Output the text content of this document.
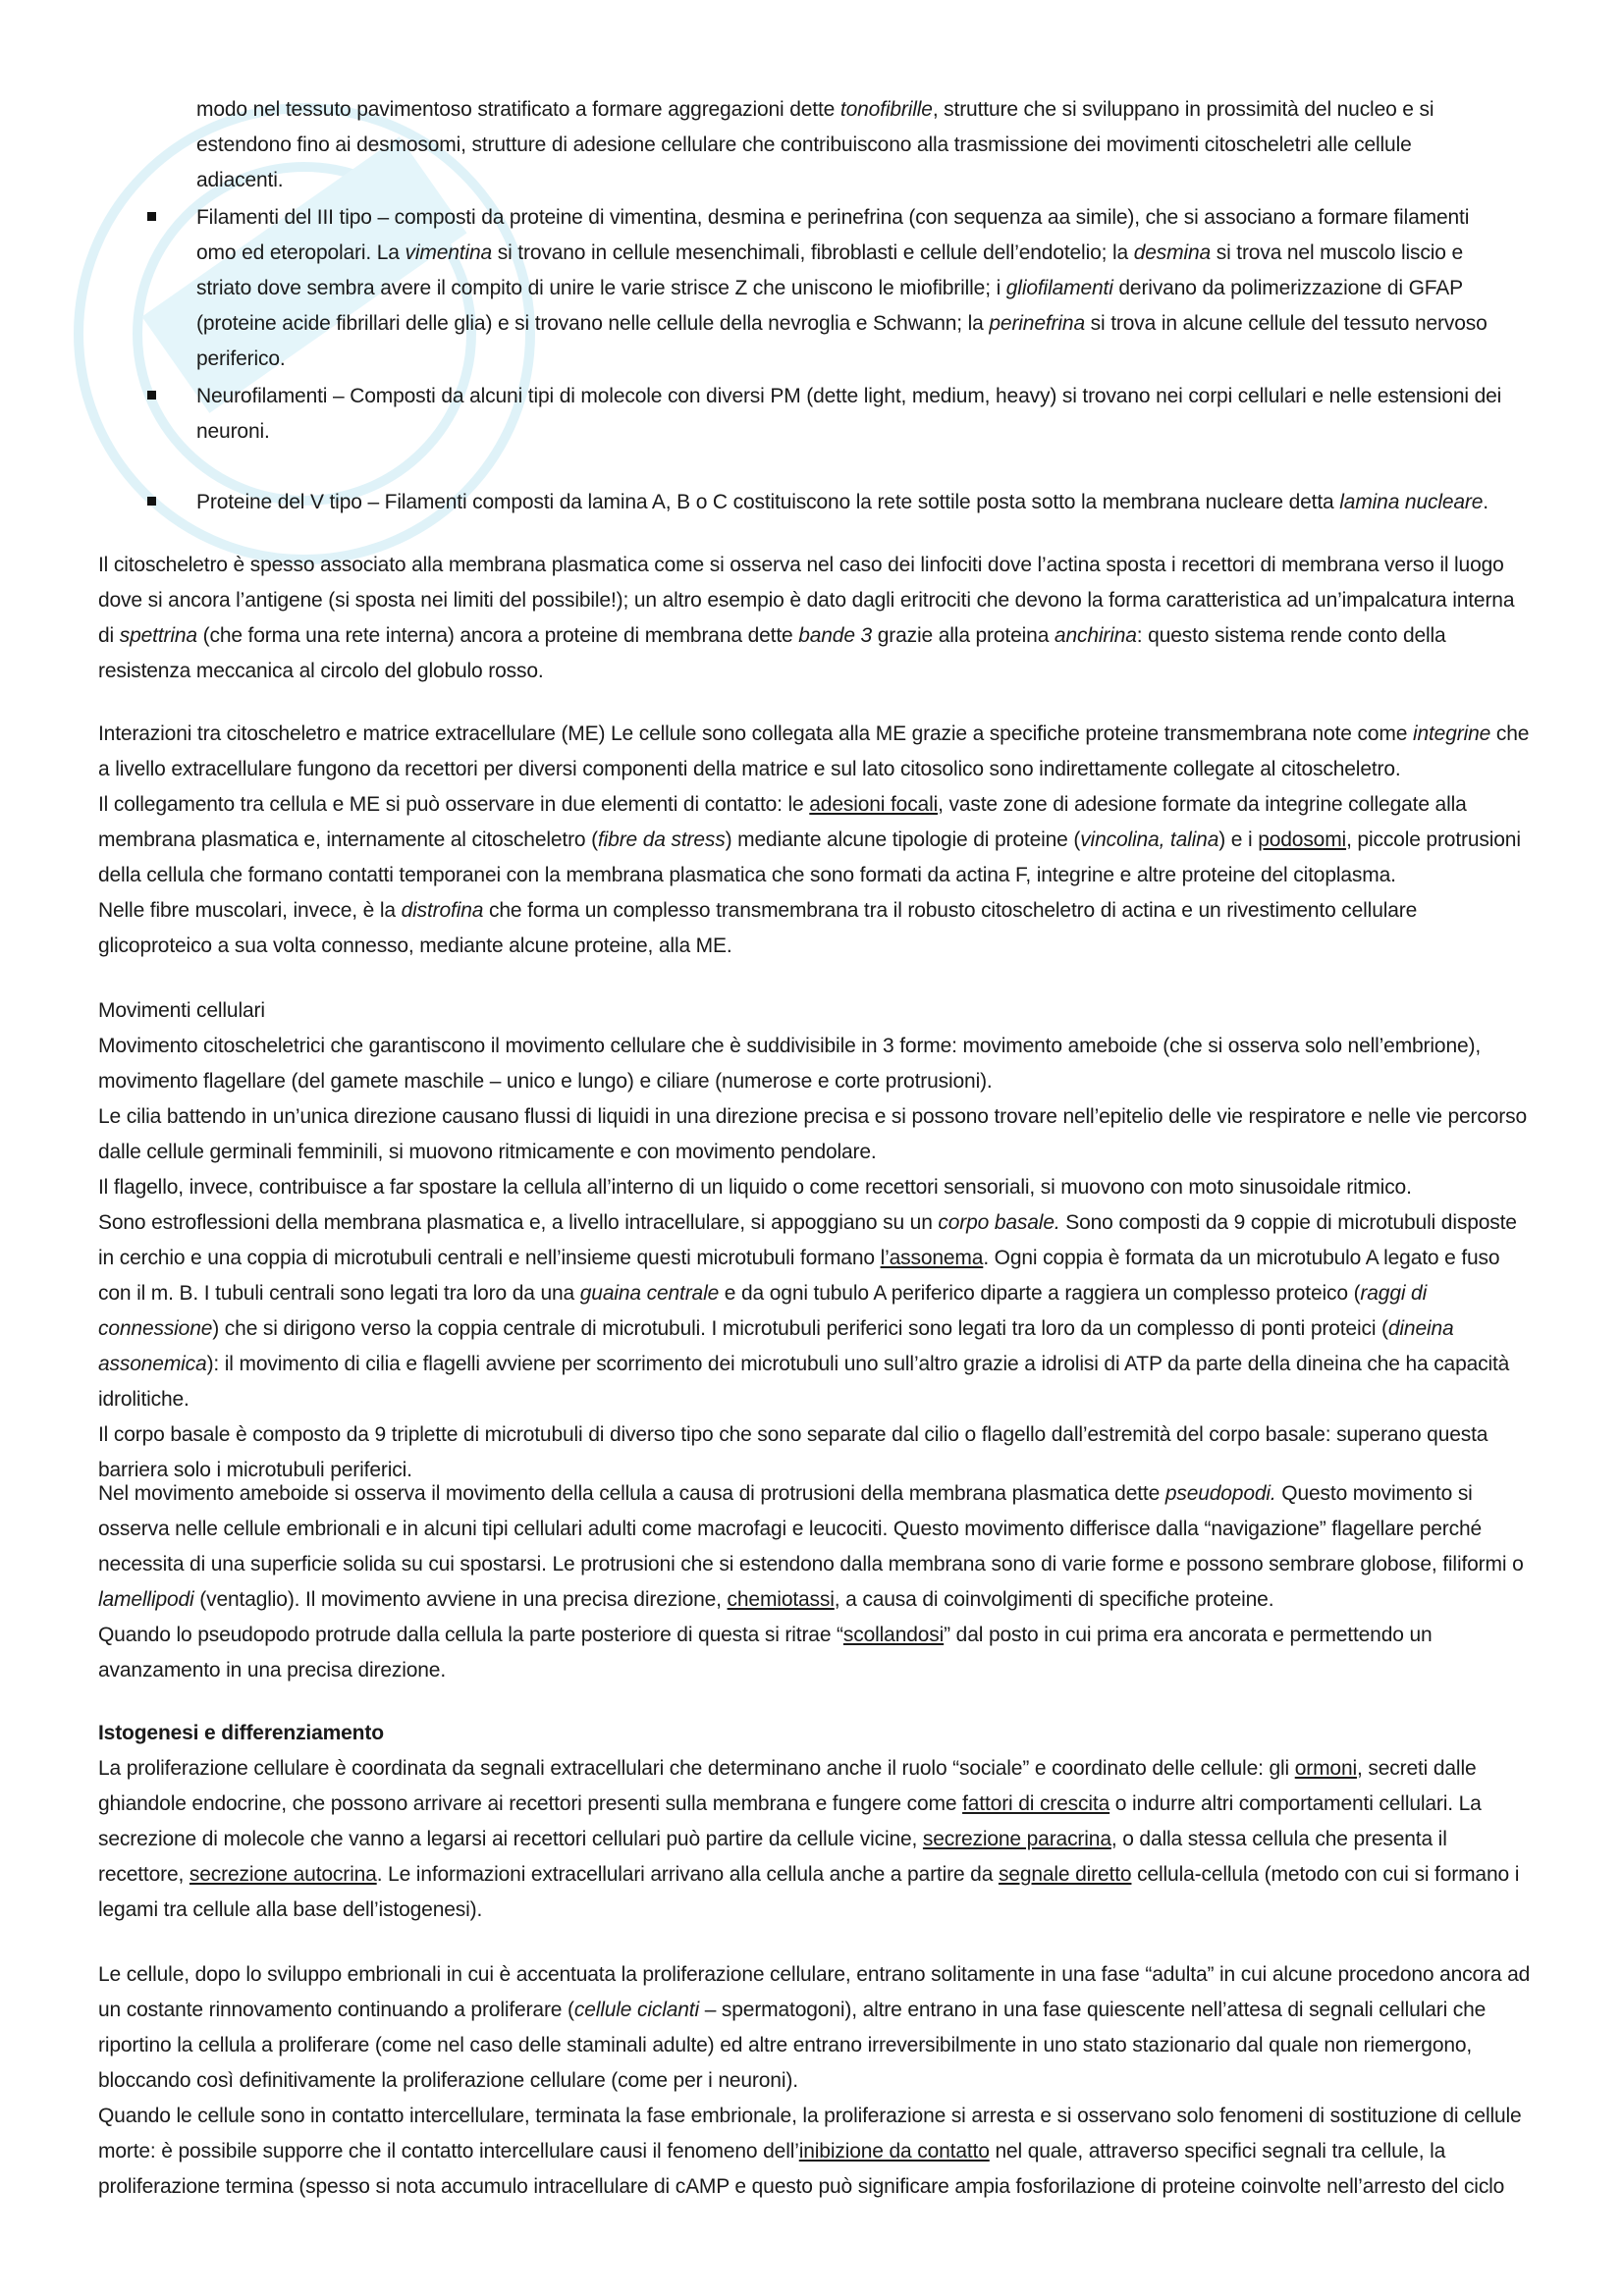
modo nel tessuto pavimentoso stratificato a formare aggregazioni dette tonofibrille, strutture che si sviluppano in prossimità del nucleo e si estendono fino ai desmosomi, strutture di adesione cellulare che contribuiscono alla trasmissione dei movimenti citoscheletri alle cellule adiacenti.

Filamenti del III tipo – composti da proteine di vimentina, desmina e perinefrina (con sequenza aa simile), che si associano a formare filamenti omo ed eteropolari. La vimentina si trovano in cellule mesenchimali, fibroblasti e cellule dell’endotelio; la desmina si trova nel muscolo liscio e striato dove sembra avere il compito di unire le varie strisce Z che uniscono le miofibrille; i gliofilamenti derivano da polimerizzazione di GFAP (proteine acide fibrillari delle glia) e si trovano nelle cellule della nevroglia e Schwann; la perinefrina si trova in alcune cellule del tessuto nervoso periferico.
Neurofilamenti – Composti da alcuni tipi di molecole con diversi PM (dette light, medium, heavy) si trovano nei corpi cellulari e nelle estensioni dei neuroni.
Proteine del V tipo – Filamenti composti da lamina A, B o C costituiscono la rete sottile posta sotto la membrana nucleare detta lamina nucleare.

Il citoscheletro è spesso associato alla membrana plasmatica come si osserva nel caso dei linfociti dove l’actina sposta i recettori di membrana verso il luogo dove si ancora l’antigene (si sposta nei limiti del possibile!); un altro esempio è dato dagli eritrociti che devono la forma caratteristica ad un’impalcatura interna di spettrina (che forma una rete interna) ancora a proteine di membrana dette bande 3 grazie alla proteina anchirina: questo sistema rende conto della resistenza meccanica al circolo del globulo rosso.

Interazioni tra citoscheletro e matrice extracellulare (ME) Le cellule sono collegata alla ME grazie a specifiche proteine transmembrana note come integrine che a livello extracellulare fungono da recettori per diversi componenti della matrice e sul lato citosolico sono indirettamente collegate al citoscheletro.

Il collegamento tra cellula e ME si può osservare in due elementi di contatto: le adesioni focali, vaste zone di adesione formate da integrine collegate alla membrana plasmatica e, internamente al citoscheletro (fibre da stress) mediante alcune tipologie di proteine (vincolina, talina) e i podosomi, piccole protrusioni della cellula che formano contatti temporanei con la membrana plasmatica che sono formati da actina F, integrine e altre proteine del citoplasma.

Nelle fibre muscolari, invece, è la distrofina che forma un complesso transmembrana tra il robusto citoscheletro di actina e un rivestimento cellulare glicoproteico a sua volta connesso, mediante alcune proteine, alla ME.

Movimenti cellulari

Movimento citoscheletrici che garantiscono il movimento cellulare che è suddivisibile in 3 forme: movimento ameboide (che si osserva solo nell’embrione), movimento flagellare (del gamete maschile – unico e lungo) e ciliare (numerose e corte protrusioni).

Le cilia battendo in un’unica direzione causano flussi di liquidi in una direzione precisa e si possono trovare nell’epitelio delle vie respiratore e nelle vie percorso dalle cellule germinali femminili, si muovono ritmicamente e con movimento pendolare.

Il flagello, invece, contribuisce a far spostare la cellula all’interno di un liquido o come recettori sensoriali, si muovono con moto sinusoidale ritmico.

Sono estroflessioni della membrana plasmatica e, a livello intracellulare, si appoggiano su un corpo basale. Sono composti da 9 coppie di microtubuli disposte in cerchio e una coppia di microtubuli centrali e nell’insieme questi microtubuli formano l’assonema. Ogni coppia è formata da un microtubulo A legato e fuso con il m. B. I tubuli centrali sono legati tra loro da una guaina centrale e da ogni tubulo A periferico diparte a raggiera un complesso proteico (raggi di connessione) che si dirigono verso la coppia centrale di microtubuli. I microtubuli periferici sono legati tra loro da un complesso di ponti proteici (dineina assonemica): il movimento di cilia e flagelli avviene per scorrimento dei microtubuli uno sull’altro grazie a idrolisi di ATP da parte della dineina che ha capacità idrolitiche.

Il corpo basale è composto da 9 triplette di microtubuli di diverso tipo che sono separate dal cilio o flagello dall’estremità del corpo basale: superano questa barriera solo i microtubuli periferici.

Nel movimento ameboide si osserva il movimento della cellula a causa di protrusioni della membrana plasmatica dette pseudopodi. Questo movimento si osserva nelle cellule embrionali e in alcuni tipi cellulari adulti come macrofagi e leucociti. Questo movimento differisce dalla “navigazione” flagellare perché necessita di una superficie solida su cui spostarsi. Le protrusioni che si estendono dalla membrana sono di varie forme e possono sembrare globose, filiformi o lamellipodi (ventaglio). Il movimento avviene in una precisa direzione, chemiotassi, a causa di coinvolgimenti di specifiche proteine.

Quando lo pseudopodo protrude dalla cellula la parte posteriore di questa si ritrae “scollandosi” dal posto in cui prima era ancorata e permettendo un avanzamento in una precisa direzione.

Istogenesi e differenziamento

La proliferazione cellulare è coordinata da segnali extracellulari che determinano anche il ruolo “sociale” e coordinato delle cellule: gli ormoni, secreti dalle ghiandole endocrine, che possono arrivare ai recettori presenti sulla membrana e fungere come fattori di crescita o indurre altri comportamenti cellulari. La secrezione di molecole che vanno a legarsi ai recettori cellulari può partire da cellule vicine, secrezione paracrina, o dalla stessa cellula che presenta il recettore, secrezione autocrina. Le informazioni extracellulari arrivano alla cellula anche a partire da segnale diretto cellula-cellula (metodo con cui si formano i legami tra cellule alla base dell’istogenesi).

Le cellule, dopo lo sviluppo embrionali in cui è accentuata la proliferazione cellulare, entrano solitamente in una fase “adulta” in cui alcune procedono ancora ad un costante rinnovamento continuando a proliferare (cellule ciclanti – spermatogoni), altre entrano in una fase quiescente nell’attesa di segnali cellulari che riportino la cellula a proliferare (come nel caso delle staminali adulte) ed altre entrano irreversibilmente in uno stato stazionario dal quale non riemergono, bloccando così definitivamente la proliferazione cellulare (come per i neuroni).

Quando le cellule sono in contatto intercellulare, terminata la fase embrionale, la proliferazione si arresta e si osservano solo fenomeni di sostituzione di cellule morte: è possibile supporre che il contatto intercellulare causi il fenomeno dell’inibizione da contatto nel quale, attraverso specifici segnali tra cellule, la proliferazione termina (spesso si nota accumulo intracellulare di cAMP e questo può significare ampia fosforilazione di proteine coinvolte nell’arresto del ciclo
